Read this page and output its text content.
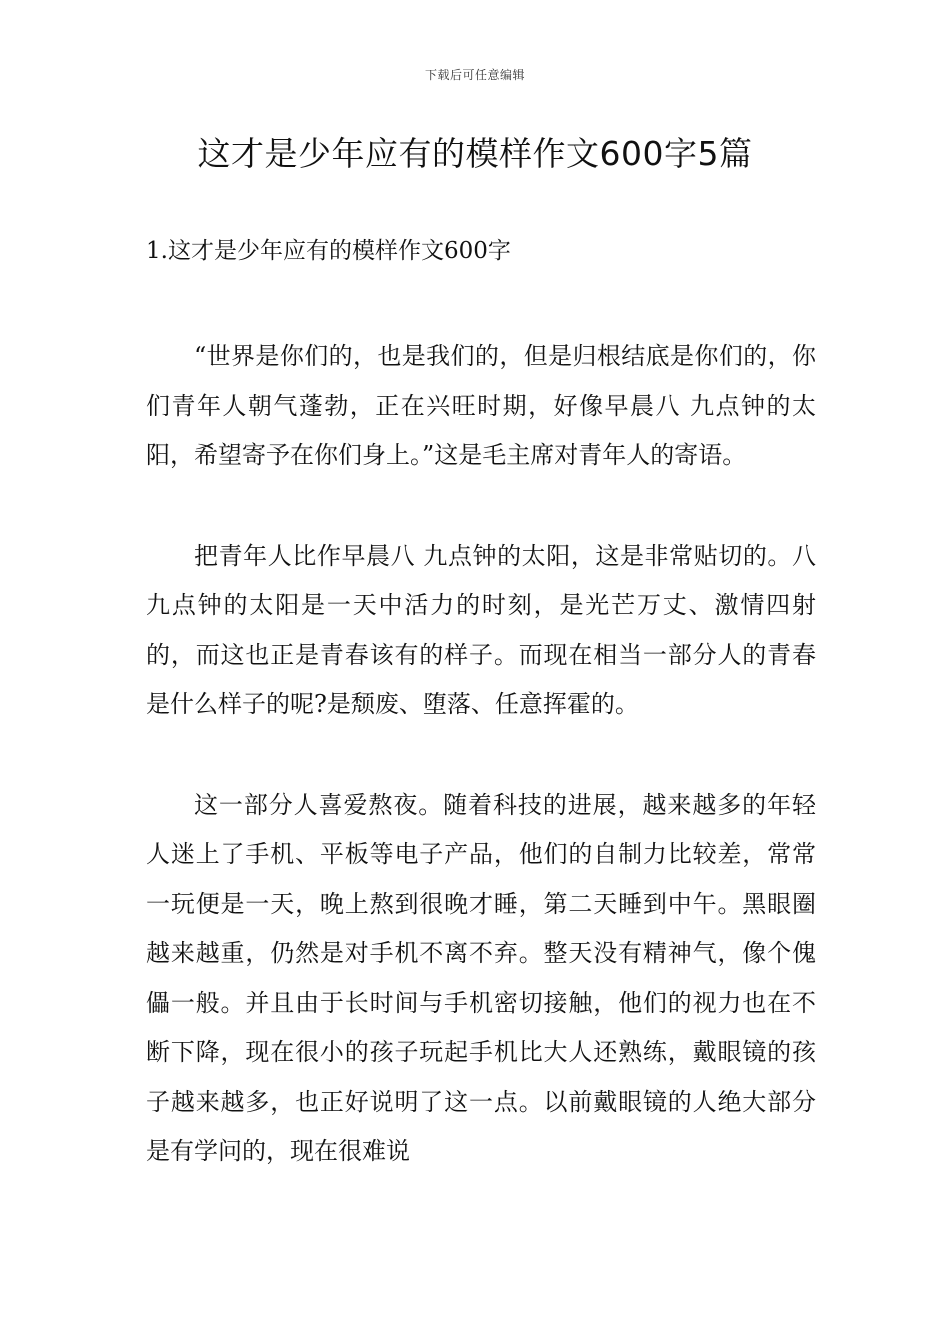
下载后可任意编辑
这才是少年应有的模样作文600字5篇
1.这才是少年应有的模样作文600字

“世界是你们的，也是我们的，但是归根结底是你们的，你们青年人朝气蓬勃，正在兴旺时期，好像早晨八 九点钟的太阳，希望寄予在你们身上。”这是毛主席对青年人的寄语。

把青年人比作早晨八 九点钟的太阳，这是非常贴切的。八 九点钟的太阳是一天中活力的时刻，是光芒万丈、激情四射的，而这也正是青春该有的样子。而现在相当一部分人的青春是什么样子的呢?是颓废、堕落、任意挥霍的。

这一部分人喜爱熬夜。随着科技的进展，越来越多的年轻人迷上了手机、平板等电子产品，他们的自制力比较差，常常一玩便是一天，晚上熬到很晚才睡，第二天睡到中午。黑眼圈越来越重，仍然是对手机不离不弃。整天没有精神气，像个傀儡一般。并且由于长时间与手机密切接触，他们的视力也在不断下降，现在很小的孩子玩起手机比大人还熟练，戴眼镜的孩子越来越多，也正好说明了这一点。以前戴眼镜的人绝大部分是有学问的，现在很难说
